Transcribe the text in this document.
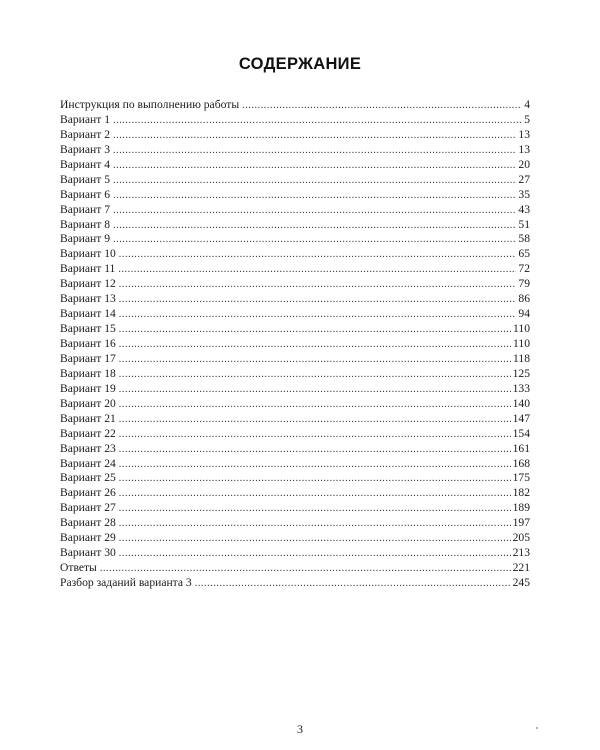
СОДЕРЖАНИЕ
Инструкция по выполнению работы .....	4
Вариант 1 .....	5
Вариант 2 .....	13
Вариант 3 .....	13
Вариант 4 .....	20
Вариант 5 .....	27
Вариант 6 .....	35
Вариант 7 .....	43
Вариант 8 .....	51
Вариант 9 .....	58
Вариант 10 .....	65
Вариант 11 .....	72
Вариант 12 .....	79
Вариант 13 .....	86
Вариант 14 .....	94
Вариант 15 .....	110
Вариант 16 .....	110
Вариант 17 .....	118
Вариант 18 .....	125
Вариант 19 .....	133
Вариант 20 .....	140
Вариант 21 .....	147
Вариант 22 .....	154
Вариант 23 .....	161
Вариант 24 .....	168
Вариант 25 .....	175
Вариант 26 .....	182
Вариант 27 .....	189
Вариант 28 .....	197
Вариант 29 .....	205
Вариант 30 .....	213
Ответы .....	221
Разбор заданий варианта 3 .....	245
3
